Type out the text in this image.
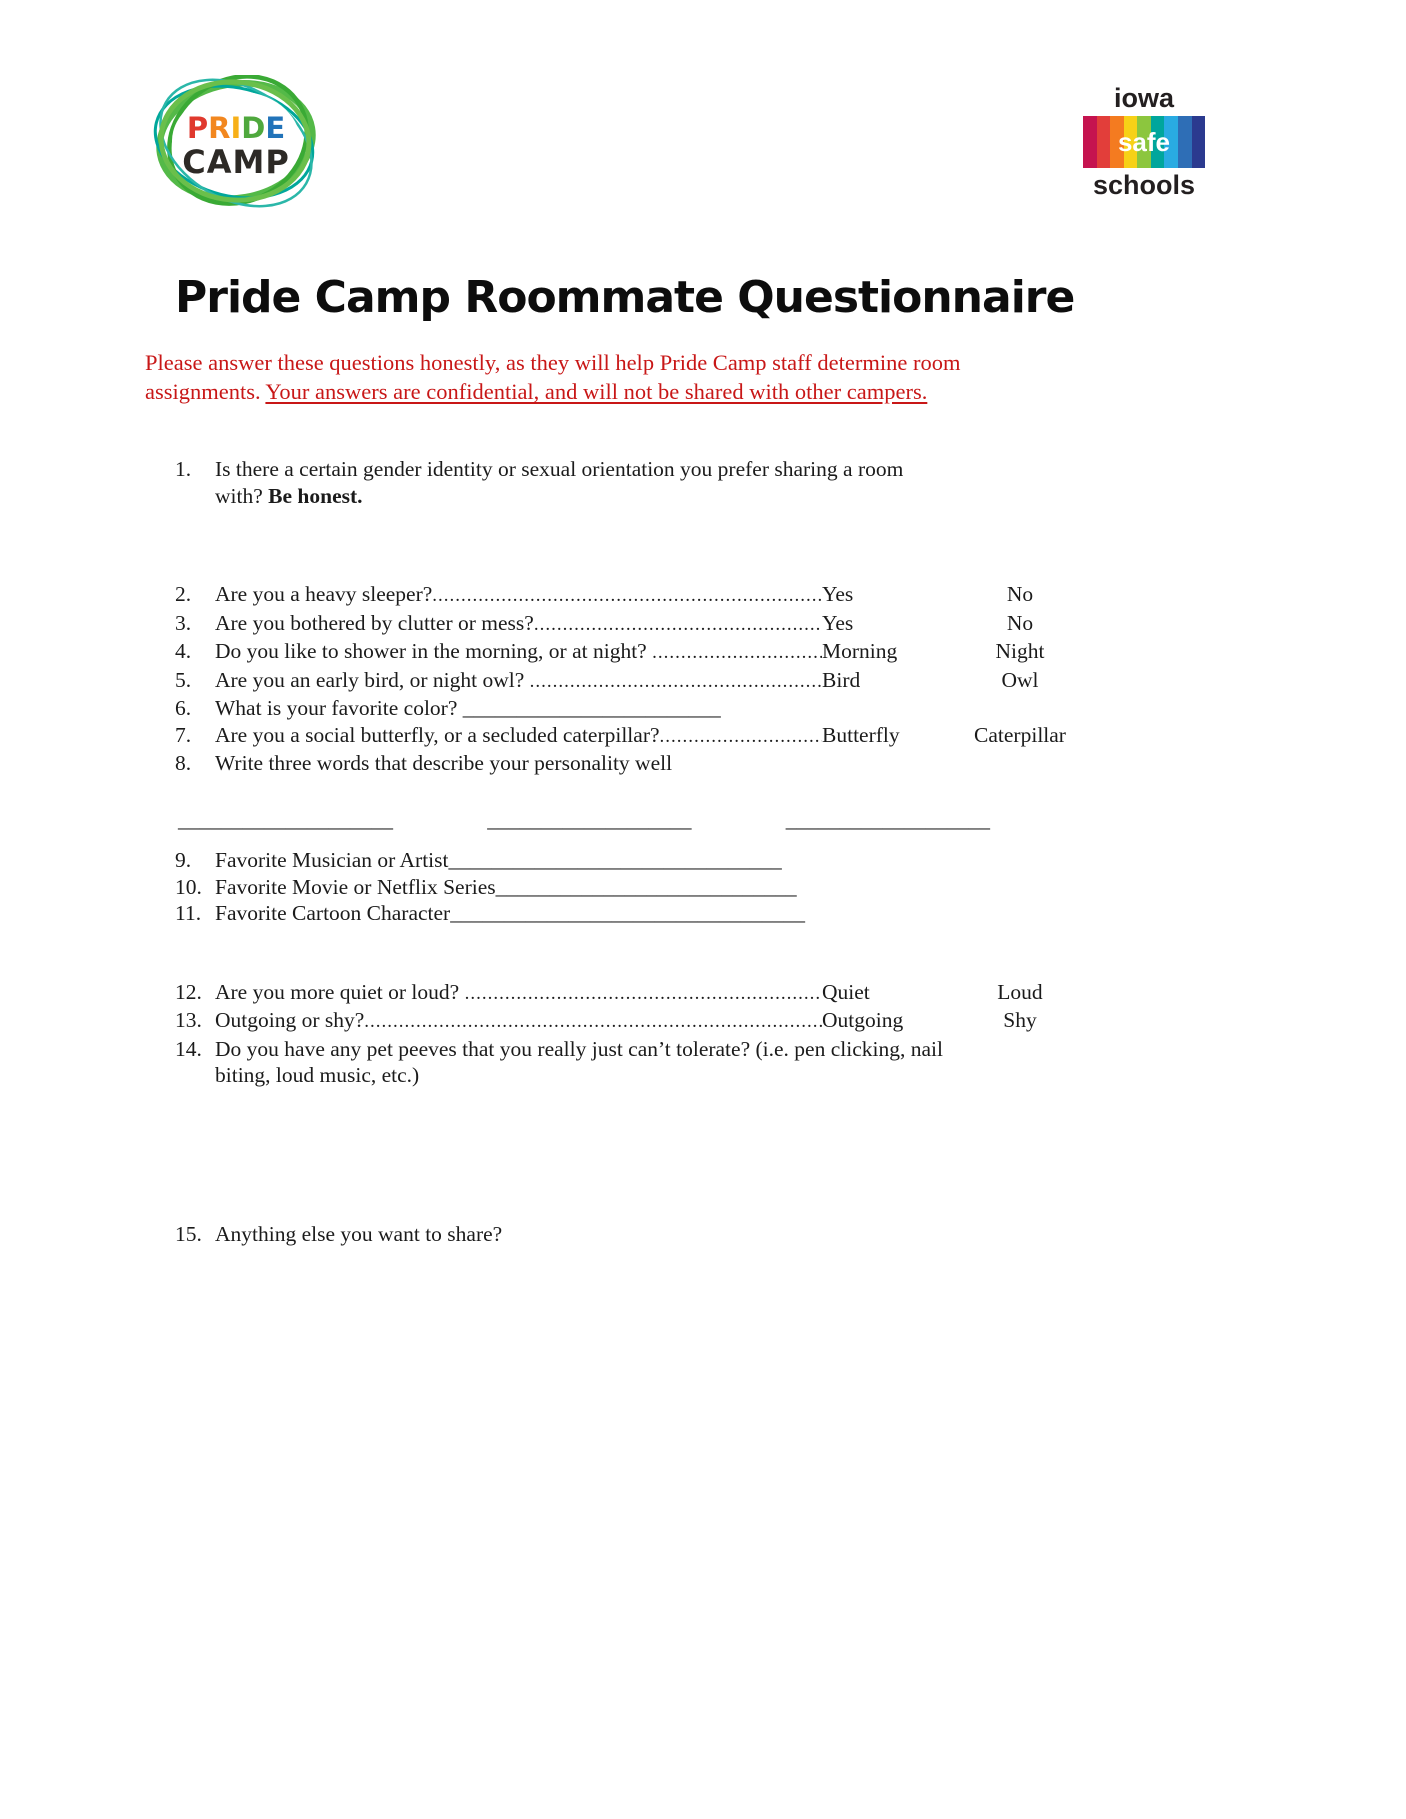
PRIDE
CAMP
iowa
safe
schools
Pride Camp Roommate Questionnaire

Please answer these questions honestly, as they will help Pride Camp staff determine room
assignments. Your answers are confidential, and will not be shared with other campers.

1.	Is there a certain gender identity or sexual orientation you prefer sharing a room
with? Be honest.
2.	Are you a heavy sleeper? .....	Yes	No
3.	Are you bothered by clutter or mess? .....	Yes	No
4.	Do you like to shower in the morning, or at night? .....	Morning	Night
5.	Are you an early bird, or night owl? .....	Bird	Owl
6.	What is your favorite color? ________________________
7.	Are you a social butterfly, or a secluded caterpillar? .....	Butterfly	Caterpillar
8.	Write three words that describe your personality well
____________________	___________________	___________________
9.	Favorite Musician or Artist_______________________________
10. Favorite Movie or Netflix Series____________________________
11. Favorite Cartoon Character_________________________________
12. Are you more quiet or loud? .....	Quiet	Loud
13. Outgoing or shy? .....	Outgoing	Shy
14. Do you have any pet peeves that you really just can’t tolerate? (i.e. pen clicking, nail
biting, loud music, etc.)
15. Anything else you want to share?
